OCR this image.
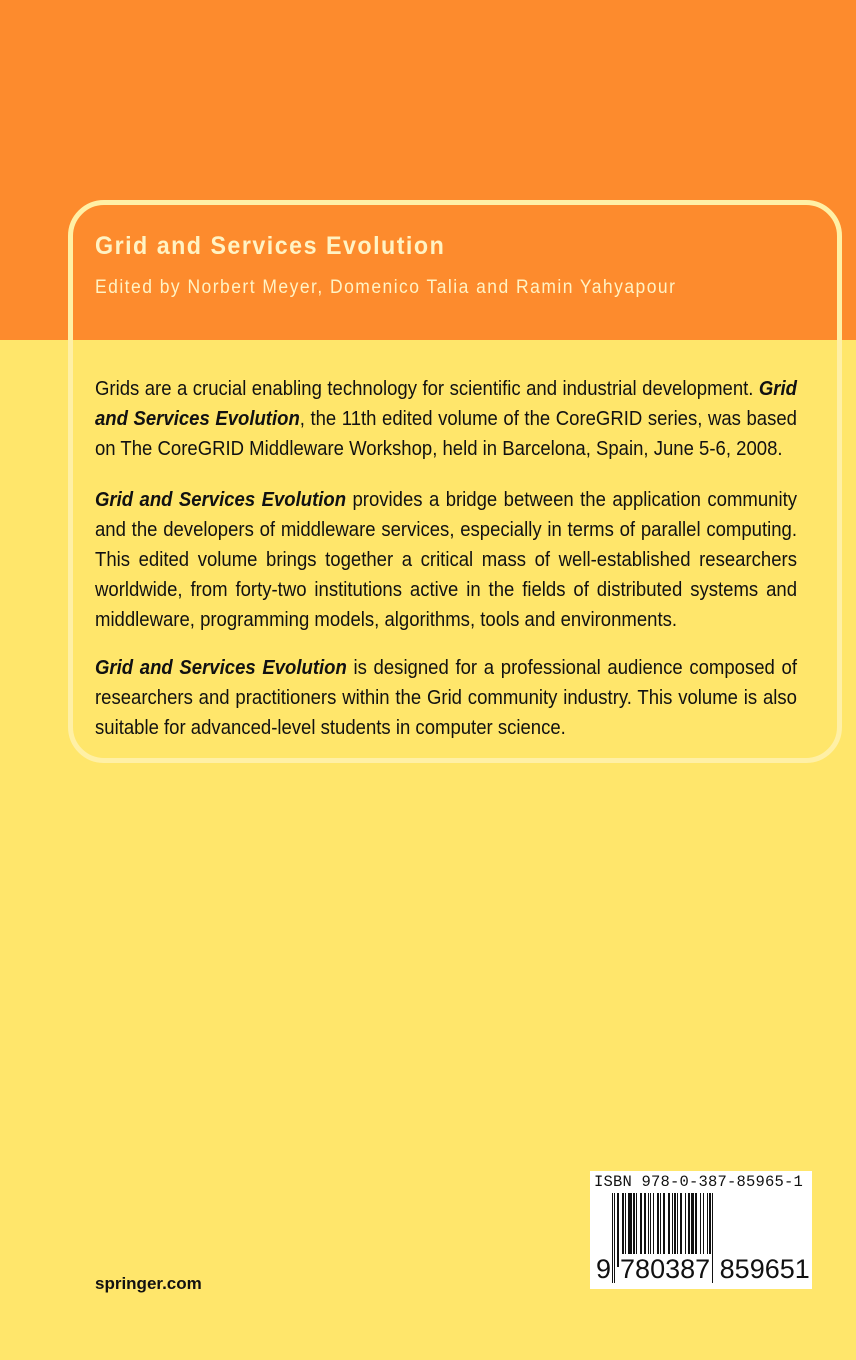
Grid and Services Evolution
Edited by Norbert Meyer, Domenico Talia and Ramin Yahyapour
Grids are a crucial enabling technology for scientific and industrial development. Grid and Services Evolution, the 11th edited volume of the CoreGRID series, was based on The CoreGRID Middleware Workshop, held in Barcelona, Spain, June 5-6, 2008.
Grid and Services Evolution provides a bridge between the application community and the developers of middleware services, especially in terms of parallel computing. This edited volume brings together a critical mass of well-established researchers worldwide, from forty-two institutions active in the fields of distributed systems and middleware, programming models, algorithms, tools and environments.
Grid and Services Evolution is designed for a professional audience composed of researchers and practitioners within the Grid community industry. This volume is also suitable for advanced-level students in computer science.
springer.com
ISBN 978-0-387-85965-1
9 780387 859651
